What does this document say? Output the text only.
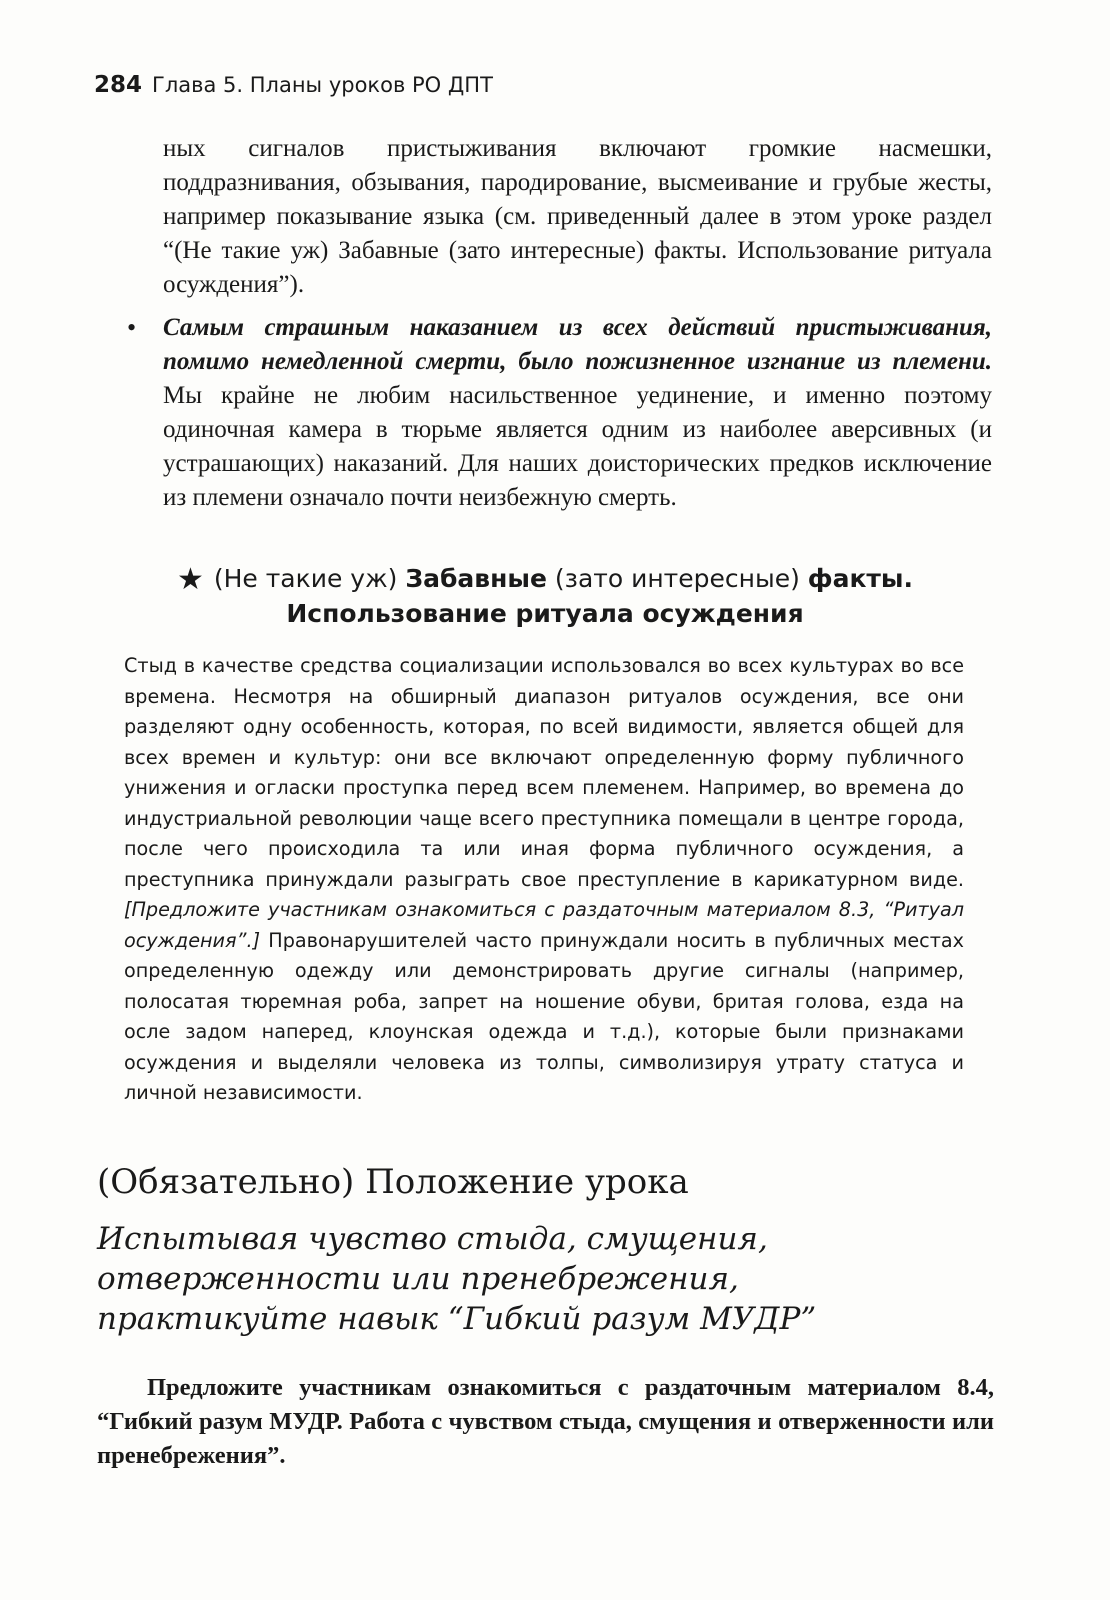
284 Глава 5. Планы уроков РО ДПТ

ных сигналов пристыживания включают громкие насмешки, поддразнивания, обзывания, пародирование, высмеивание и грубые жесты, например показывание языка (см. приведенный далее в этом уроке раздел “(Не такие уж) Забавные (зато интересные) факты. Использование ритуала осуждения”).

• Самым страшным наказанием из всех действий пристыживания, помимо немедленной смерти, было пожизненное изгнание из племени. Мы крайне не любим насильственное уединение, и именно поэтому одиночная камера в тюрьме является одним из наиболее аверсивных (и устрашающих) наказаний. Для наших доисторических предков исключение из племени означало почти неизбежную смерть.

★ (Не такие уж) Забавные (зато интересные) факты.
Использование ритуала осуждения
Стыд в качестве средства социализации использовался во всех культурах во все времена. Несмотря на обширный диапазон ритуалов осуждения, все они разделяют одну особенность, которая, по всей видимости, является общей для всех времен и культур: они все включают определенную форму публичного унижения и огласки проступка перед всем племенем. Например, во времена до индустриальной революции чаще всего преступника помещали в центре города, после чего происходила та или иная форма публичного осуждения, а преступника принуждали разыграть свое преступление в карикатурном виде. [Предложите участникам ознакомиться с раздаточным материалом 8.3, “Ритуал осуждения”.] Правонарушителей часто принуждали носить в публичных местах определенную одежду или демонстрировать другие сигналы (например, полосатая тюремная роба, запрет на ношение обуви, бритая голова, езда на осле задом наперед, клоунская одежда и т.д.), которые были признаками осуждения и выделяли человека из толпы, символизируя утрату статуса и личной независимости.
(Обязательно) Положение урока
Испытывая чувство стыда, смущения,
отверженности или пренебрежения,
практикуйте навык “Гибкий разум МУДР”
Предложите участникам ознакомиться с раздаточным материалом 8.4, “Гибкий разум МУДР. Работа с чувством стыда, смущения и отверженности или пренебрежения”.
